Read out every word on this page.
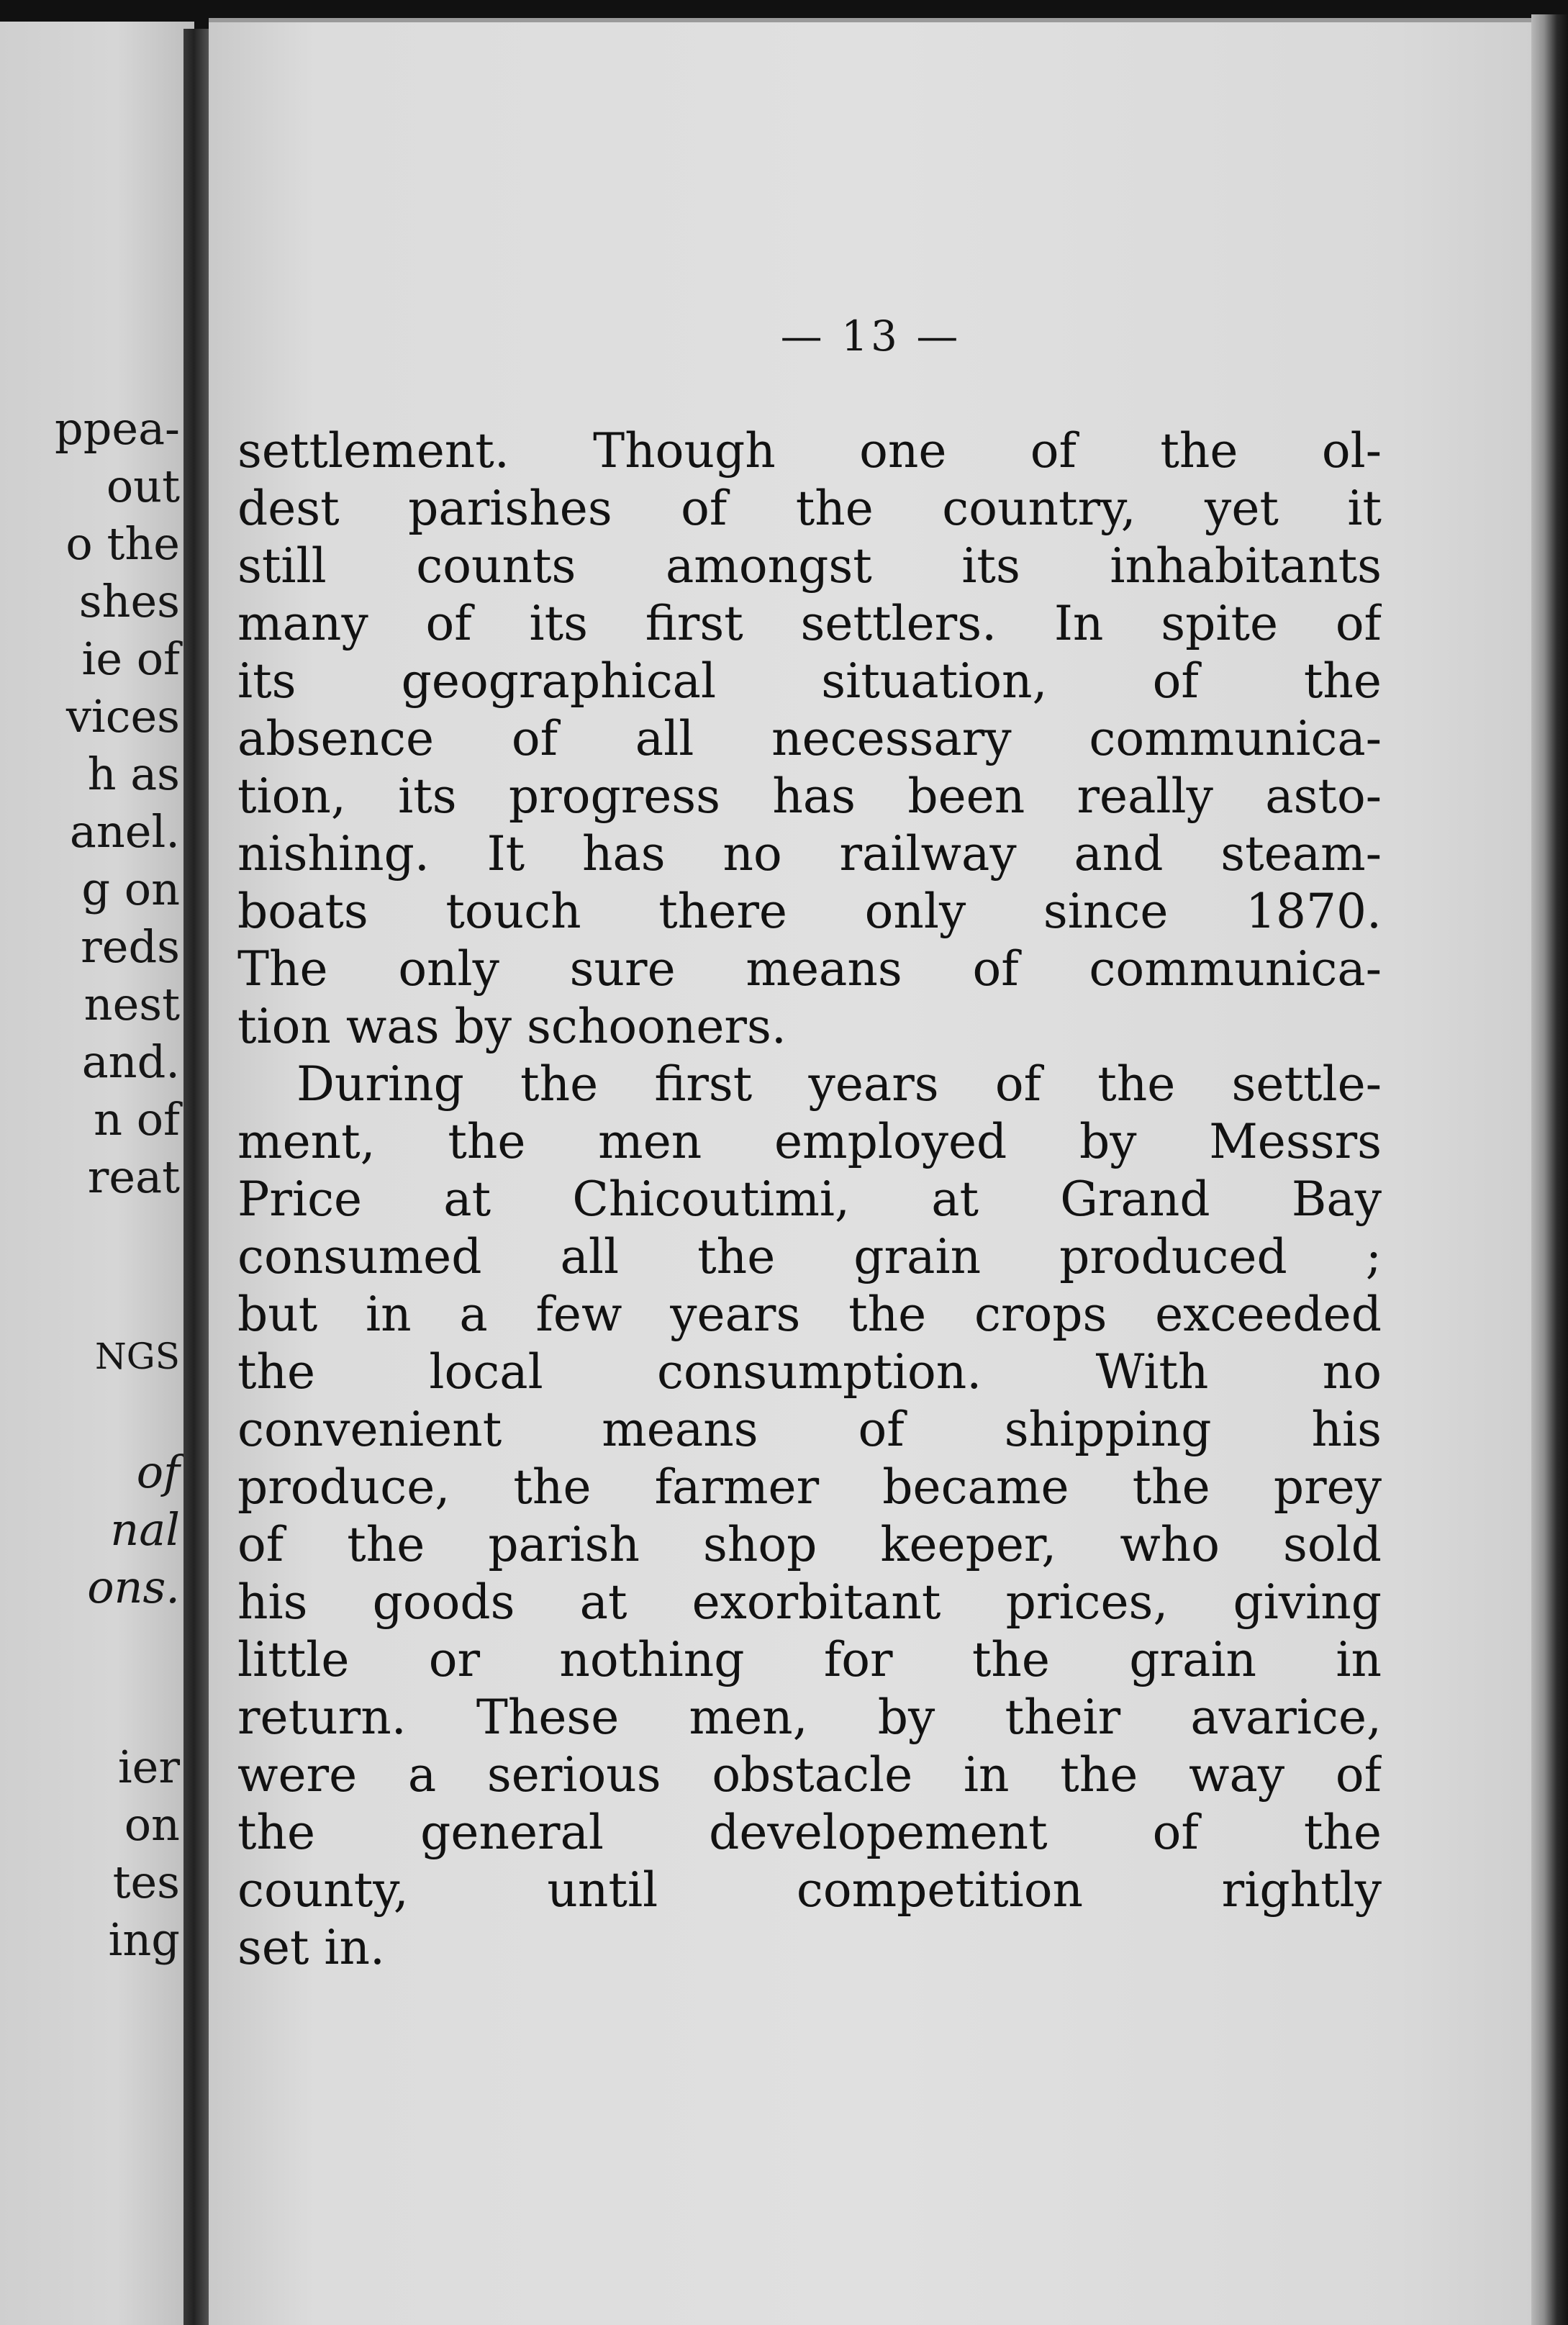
ppea-
out
o the
shes
ie of
vices
h as
anel.
g on
reds
nest
and.
n of
reat
NGS
of
nal
ons.
ier
on
tes
ing
— 13 —
settlement. Though one of the ol-
dest parishes of the country, yet it
still counts amongst its inhabitants
many of its first settlers. In spite of
its geographical situation, of the
absence of all necessary communica-
tion, its progress has been really asto-
nishing. It has no railway and steam-
boats touch there only since 1870.
The only sure means of communica-
tion was by schooners.
During the first years of the settle-
ment, the men employed by Messrs
Price at Chicoutimi, at Grand Bay
consumed all the grain produced ;
but in a few years the crops exceeded
the local consumption. With no
convenient means of shipping his
produce, the farmer became the prey
of the parish shop keeper, who sold
his goods at exorbitant prices, giving
little or nothing for the grain in
return. These men, by their avarice,
were a serious obstacle in the way of
the general developement of the
county, until competition rightly
set in.
